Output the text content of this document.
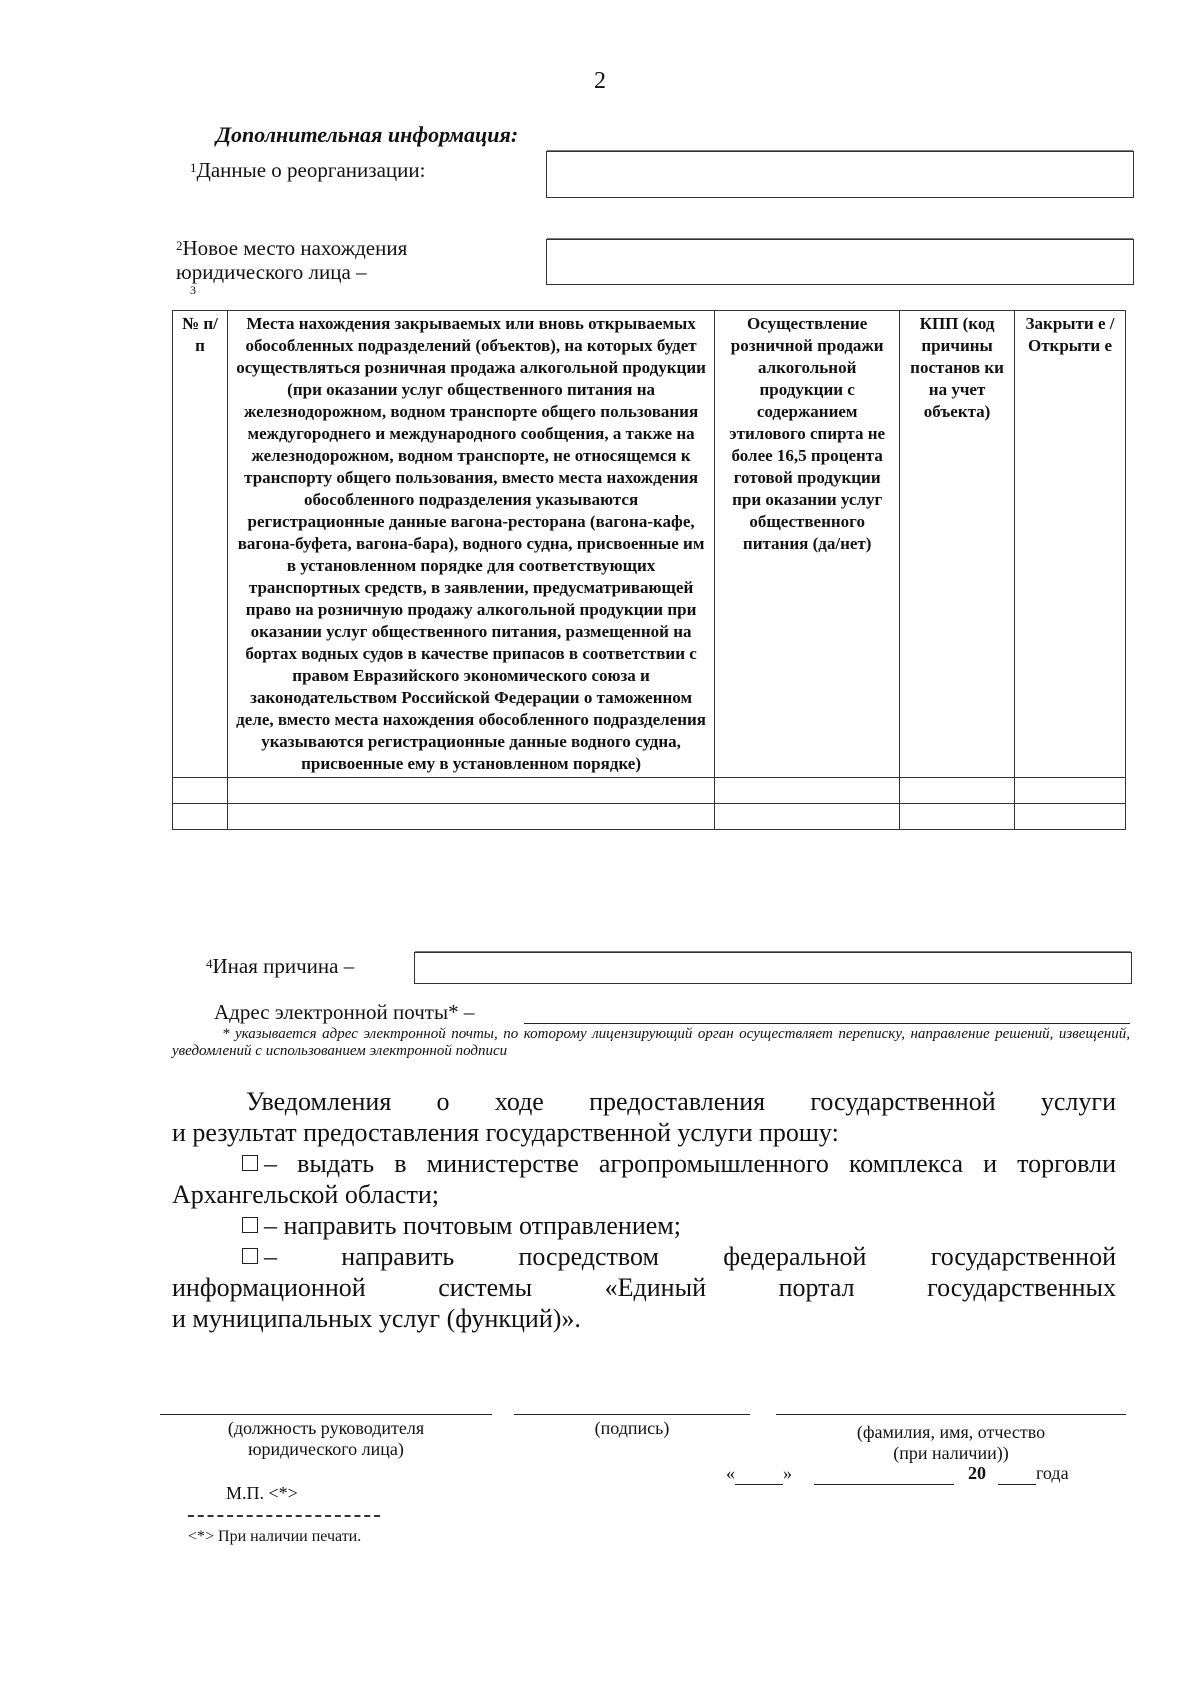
2
Дополнительная информация:
$^1$Данные о реорганизации:
$^2$Новое место нахождения
юридического лица –
3
№ п/п	Места нахождения закрываемых или вновь открываемых обособленных подразделений (объектов), на которых будет осуществляться розничная продажа алкогольной продукции (при оказании услуг общественного питания на железнодорожном, водном транспорте общего пользования междугороднего и международного сообщения, а также на железнодорожном, водном транспорте, не относящемся к транспорту общего пользования, вместо места нахождения обособленного подразделения указываются регистрационные данные вагона-ресторана (вагона-кафе, вагона-буфета, вагона-бара), водного судна, присвоенные им в установленном порядке для соответствующих транспортных средств, в заявлении, предусматривающей право на розничную продажу алкогольной продукции при оказании услуг общественного питания, размещенной на бортах водных судов в качестве припасов в соответствии с правом Евразийского экономического союза и законодательством Российской Федерации о таможенном деле, вместо места нахождения обособленного подразделения указываются регистрационные данные водного судна, присвоенные ему в установленном порядке)	Осуществление розничной продажи алкогольной продукции с содержанием этилового спирта не более 16,5 процента готовой продукции при оказании услуг общественного питания (да/нет)	КПП (код причины постанов ки на учет объекта)	Закрыти е / Открыти е

$^4$Иная причина –
Адрес электронной почты* –
* указывается адрес электронной почты, по которому лицензирующий орган осуществляет переписку, направление решений, извещений, уведомлений с использованием электронной подписи
Уведомления о ходе предоставления государственной услуги
и результат предоставления государственной услуги прошу:
– выдать в министерстве агропромышленного комплекса и торговли
Архангельской области;
– направить почтовым отправлением;
– направить посредством федеральной государственной
информационной системы «Единый портал государственных
и муниципальных услуг (функций)».
(должность руководителя
юридического лица)
(подпись)	(фамилия, имя, отчество
(при наличии))
«	»	20	года
М.П. <*>
<*> При наличии печати.
